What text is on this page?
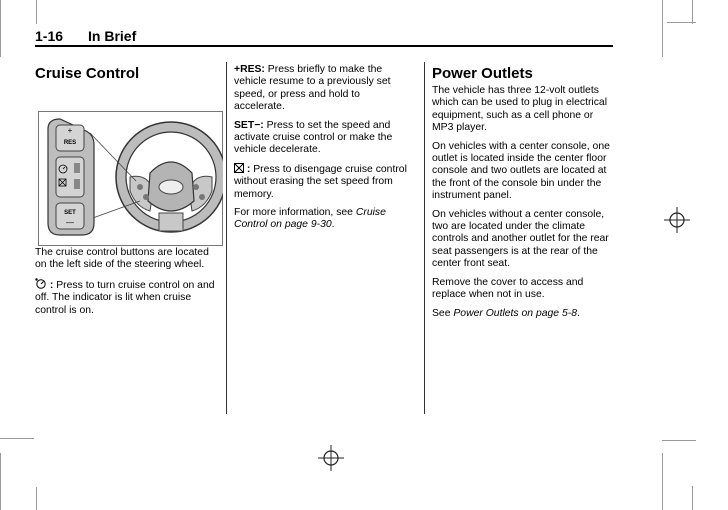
1-16 In Brief
Cruise Control
+
RES
SET
—

The cruise control buttons are located on the left side of the steering wheel.

: Press to turn cruise control on and off. The indicator is lit when cruise control is on.

+RES: Press briefly to make the vehicle resume to a previously set speed, or press and hold to accelerate.

SET−: Press to set the speed and activate cruise control or make the vehicle decelerate.

: Press to disengage cruise control without erasing the set speed from memory.

For more information, see Cruise Control on page 9-30.

Power Outlets

The vehicle has three 12-volt outlets which can be used to plug in electrical equipment, such as a cell phone or MP3 player.

On vehicles with a center console, one outlet is located inside the center floor console and two outlets are located at the front of the console bin under the instrument panel.

On vehicles without a center console, two are located under the climate controls and another outlet for the rear seat passengers is at the rear of the center front seat.

Remove the cover to access and replace when not in use.

See Power Outlets on page 5-8.
